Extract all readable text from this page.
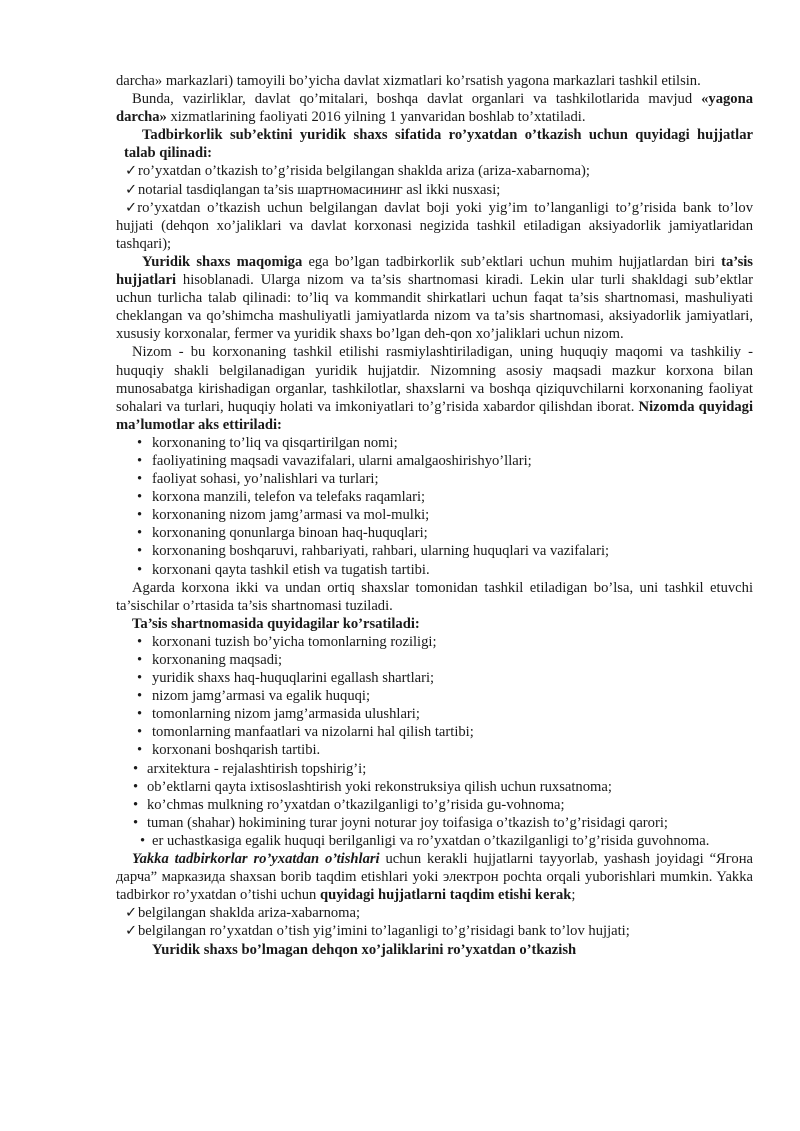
darcha» markazlari) tamoyili bo’yicha davlat xizmatlari ko’rsatish yagona markazlari tashkil etilsin.

Bunda, vazirliklar, davlat qo’mitalari, boshqa davlat organlari va tashkilotlarida mavjud «yagona darcha» xizmatlarining faoliyati 2016 yilning 1 yanvaridan boshlab to’xtatiladi.

Tadbirkorlik sub’ektini yuridik shaxs sifatida ro’yxatdan o’tkazish uchun quyidagi hujjatlar talab qilinadi:

✓ro’yxatdan o’tkazish to’g’risida belgilangan shaklda ariza (ariza-xabarnoma);

✓notarial tasdiqlangan ta’sis шартномасининг asl ikki nusxasi;

✓ro’yxatdan o’tkazish uchun belgilangan davlat boji yoki yig’im to’langanligi to’g’risida bank to’lov hujjati (dehqon xo’jaliklari va davlat korxonasi negizida tashkil etiladigan aksiyadorlik jamiyatlaridan tashqari);

Yuridik shaxs maqomiga ega bo’lgan tadbirkorlik sub’ektlari uchun muhim hujjatlardan biri ta’sis hujjatlari hisoblanadi. Ularga nizom va ta’sis shartnomasi kiradi. Lekin ular turli shakldagi sub’ektlar uchun turlicha talab qilinadi: to’liq va kommandit shirkatlari uchun faqat ta’sis shartnomasi, mashuliyati cheklangan va qo’shimcha mashuliyatli jamiyatlarda nizom va ta’sis shartnomasi, aksiyadorlik jamiyatlari, xususiy korxonalar, fermer va yuridik shaxs bo’lgan deh-qon xo’jaliklari uchun nizom.

Nizom - bu korxonaning tashkil etilishi rasmiylashtiriladigan, uning huquqiy maqomi va tashkiliy - huquqiy shakli belgilanadigan yuridik hujjatdir. Nizomning asosiy maqsadi mazkur korxona bilan munosabatga kirishadigan organlar, tashkilotlar, shaxslarni va boshqa qiziquvchilarni korxonaning faoliyat sohalari va turlari, huquqiy holati va imkoniyatlari to’g’risida xabardor qilishdan iborat. Nizomda quyidagi ma’lumotlar aks ettiriladi:

• korxonaning to’liq va qisqartirilgan nomi;

• faoliyatining maqsadi vavazifalari, ularni amalgaoshirishyo’llari;

• faoliyat sohasi, yo’nalishlari va turlari;

• korxona manzili, telefon va telefaks raqamlari;

• korxonaning nizom jamg’armasi va mol-mulki;

• korxonaning qonunlarga binoan haq-huquqlari;

• korxonaning boshqaruvi, rahbariyati, rahbari, ularning huquqlari va vazifalari;

• korxonani qayta tashkil etish va tugatish tartibi.

Agarda korxona ikki va undan ortiq shaxslar tomonidan tashkil etiladigan bo’lsa, uni tashkil etuvchi ta’sischilar o’rtasida ta’sis shartnomasi tuziladi.

Ta’sis shartnomasida quyidagilar ko’rsatiladi:

• korxonani tuzish bo’yicha tomonlarning roziligi;

• korxonaning maqsadi;

• yuridik shaxs haq-huquqlarini egallash shartlari;

• nizom jamg’armasi va egalik huquqi;

• tomonlarning nizom jamg’armasida ulushlari;

• tomonlarning manfaatlari va nizolarni hal qilish tartibi;

• korxonani boshqarish tartibi.

• arxitektura - rejalashtirish topshirig’i;

• ob’ektlarni qayta ixtisoslashtirish yoki rekonstruksiya qilish uchun ruxsatnoma;

• ko’chmas mulkning ro’yxatdan o’tkazilganligi to’g’risida gu-vohnoma;

• tuman (shahar) hokimining turar joyni noturar joy toifasiga o’tkazish to’g’risidagi qarori;

• er uchastkasiga egalik huquqi berilganligi va ro’yxatdan o’tkazilganligi to’g’risida guvohnoma.

Yakka tadbirkorlar ro’yxatdan o’tishlari uchun kerakli hujjatlarni tayyorlab, yashash joyidagi “Ягона дарча” марказида shaxsan borib taqdim etishlari yoki электрон pochta orqali yuborishlari mumkin. Yakka tadbirkor ro’yxatdan o’tishi uchun quyidagi hujjatlarni taqdim etishi kerak;

✓belgilangan shaklda ariza-xabarnoma;

✓belgilangan ro’yxatdan o’tish yig’imini to’laganligi to’g’risidagi bank to’lov hujjati;

Yuridik shaxs bo’lmagan dehqon xo’jaliklarini ro’yxatdan o’tkazish
